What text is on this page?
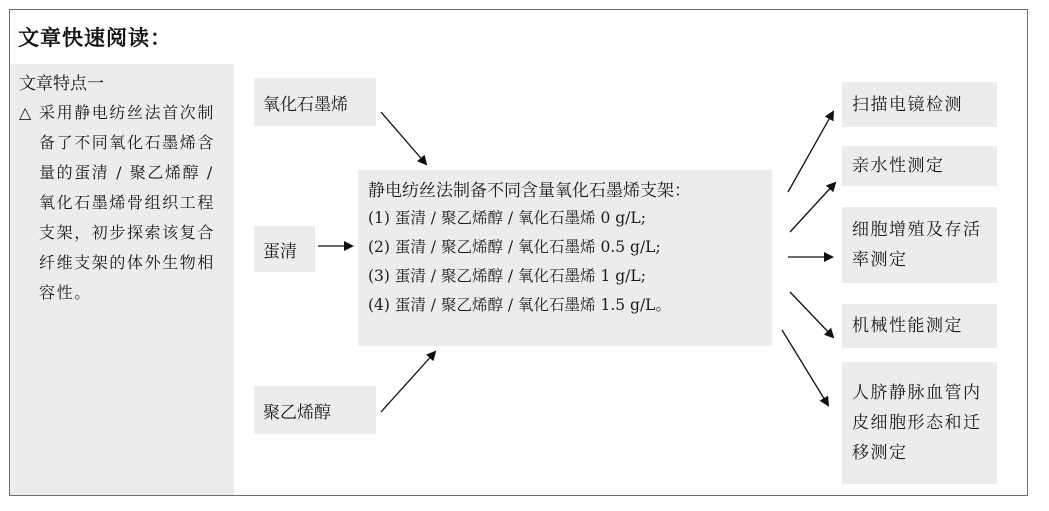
文章快速阅读：
文章特点一
△ 采用静电纺丝法首次制备了不同氧化石墨烯含量的蛋清 / 聚乙烯醇 / 氧化石墨烯骨组织工程支架，初步探索该复合纤维支架的体外生物相容性。
氧化石墨烯
蛋清
聚乙烯醇
静电纺丝法制备不同含量氧化石墨烯支架：
(1) 蛋清 / 聚乙烯醇 / 氧化石墨烯 0 g/L;
(2) 蛋清 / 聚乙烯醇 / 氧化石墨烯 0.5 g/L;
(3) 蛋清 / 聚乙烯醇 / 氧化石墨烯 1 g/L;
(4) 蛋清 / 聚乙烯醇 / 氧化石墨烯 1.5 g/L。
扫描电镜检测
亲水性测定
细胞增殖及存活率测定
机械性能测定
人脐静脉血管内皮细胞形态和迁移测定
